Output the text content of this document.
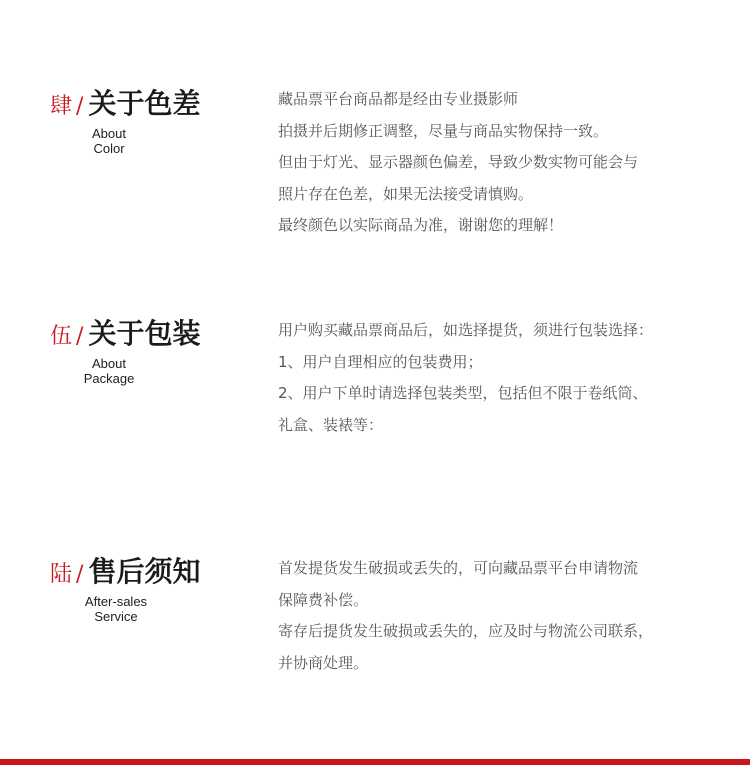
肆 / 关于色差
About
Color
藏品票平台商品都是经由专业摄影师
拍摄并后期修正调整，尽量与商品实物保持一致。
但由于灯光、显示器颜色偏差，导致少数实物可能会与
照片存在色差，如果无法接受请慎购。
最终颜色以实际商品为准，谢谢您的理解！
伍 / 关于包装
About
Package
用户购买藏品票商品后，如选择提货，须进行包装选择：
1、用户自理相应的包装费用；
2、用户下单时请选择包装类型，包括但不限于卷纸筒、
礼盒、装裱等：
陆 / 售后须知
After-sales
Service
首发提货发生破损或丢失的，可向藏品票平台申请物流
保障费补偿。
寄存后提货发生破损或丢失的，应及时与物流公司联系，
并协商处理。
